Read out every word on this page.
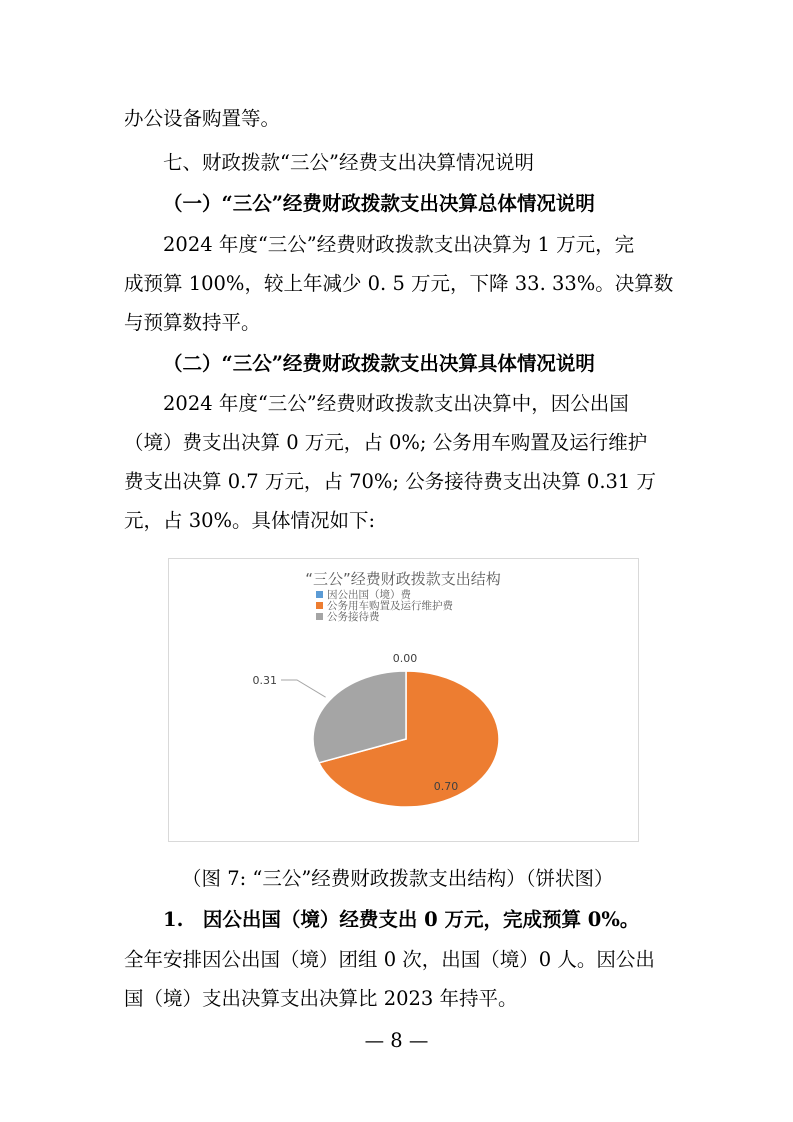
办公设备购置等。
七、财政拨款“三公”经费支出决算情况说明
（一）“三公”经费财政拨款支出决算总体情况说明
2024 年度“三公”经费财政拨款支出决算为 1 万元，完
成预算 100%，较上年减少 0. 5 万元，下降 33. 33%。决算数
与预算数持平。
（二）“三公”经费财政拨款支出决算具体情况说明
2024 年度“三公”经费财政拨款支出决算中，因公出国
（境）费支出决算 0 万元，占 0%; 公务用车购置及运行维护
费支出决算 0.7 万元，占 70%; 公务接待费支出决算 0.31 万
元，占 30%。具体情况如下:
“三公”经费财政拨款支出结构
因公出国（境）费
公务用车购置及运行维护费
公务接待费
0.00
0.70
0.31
（图 7: “三公”经费财政拨款支出结构）（饼状图）
1.　因公出国（境）经费支出 0 万元，完成预算 0%。
全年安排因公出国（境）团组 0 次，出国（境）0 人。因公出
国（境）支出决算支出决算比 2023 年持平。
— 8 —
